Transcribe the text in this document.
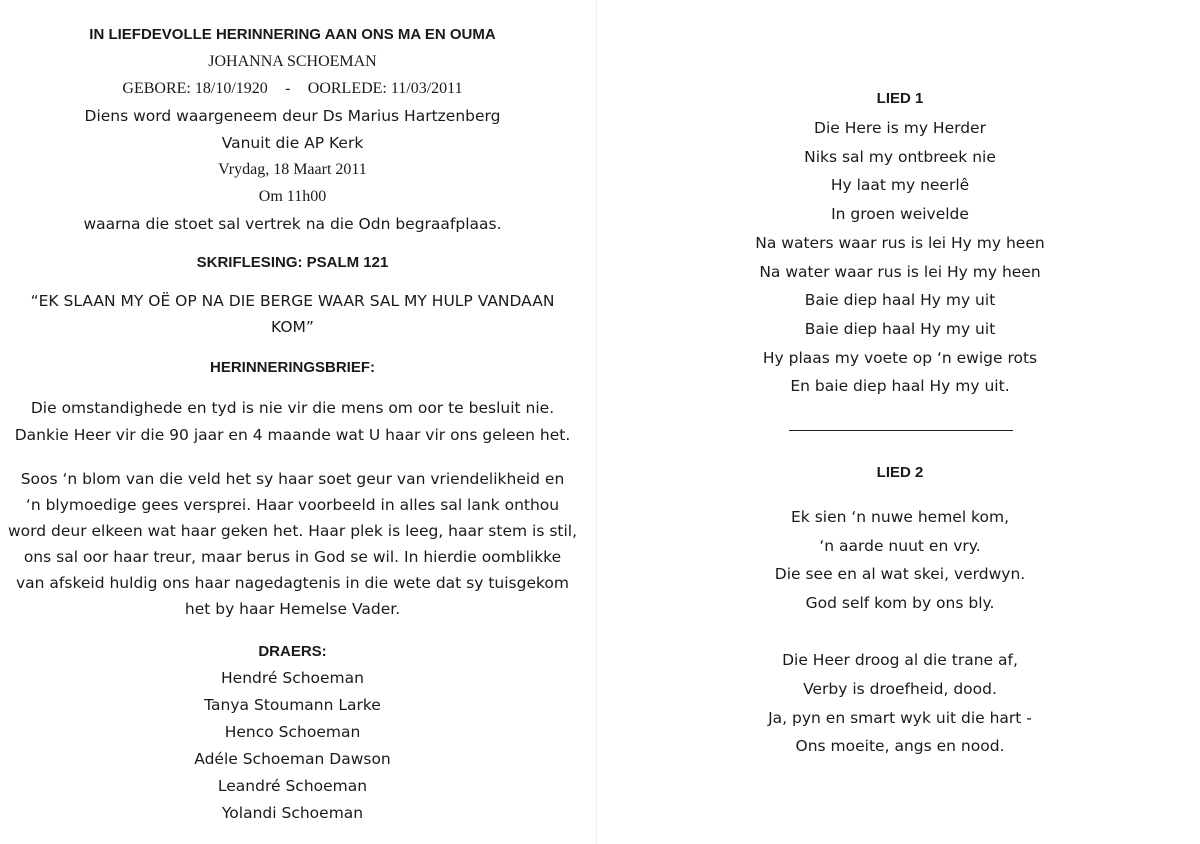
IN LIEFDEVOLLE HERINNERING AAN ONS MA EN OUMA
JOHANNA SCHOEMAN
GEBORE: 18/10/1920 - OORLEDE: 11/03/2011
Diens word waargeneem deur Ds Marius Hartzenberg
Vanuit die AP Kerk
Vrydag, 18 Maart 2011
Om 11h00
waarna die stoet sal vertrek na die Odn begraafplaas.
SKRIFLESING: PSALM 121
“EK SLAAN MY OË OP NA DIE BERGE WAAR SAL MY HULP VANDAAN
KOM”
HERINNERINGSBRIEF:
Die omstandighede en tyd is nie vir die mens om oor te besluit nie.
Dankie Heer vir die 90 jaar en 4 maande wat U haar vir ons geleen het.
Soos ‘n blom van die veld het sy haar soet geur van vriendelikheid en
‘n blymoedige gees versprei. Haar voorbeeld in alles sal lank onthou
word deur elkeen wat haar geken het. Haar plek is leeg, haar stem is stil,
ons sal oor haar treur, maar berus in God se wil. In hierdie oomblikke
van afskeid huldig ons haar nagedagtenis in die wete dat sy tuisgekom
het by haar Hemelse Vader.
DRAERS:
Hendré Schoeman
Tanya Stoumann Larke
Henco Schoeman
Adéle Schoeman Dawson
Leandré Schoeman
Yolandi Schoeman
LIED 1
Die Here is my Herder
Niks sal my ontbreek nie
Hy laat my neerlê
In groen weivelde
Na waters waar rus is lei Hy my heen
Na water waar rus is lei Hy my heen
Baie diep haal Hy my uit
Baie diep haal Hy my uit
Hy plaas my voete op ‘n ewige rots
En baie diep haal Hy my uit.
LIED 2
Ek sien ‘n nuwe hemel kom,
‘n aarde nuut en vry.
Die see en al wat skei, verdwyn.
God self kom by ons bly.
Die Heer droog al die trane af,
Verby is droefheid, dood.
Ja, pyn en smart wyk uit die hart -
Ons moeite, angs en nood.
